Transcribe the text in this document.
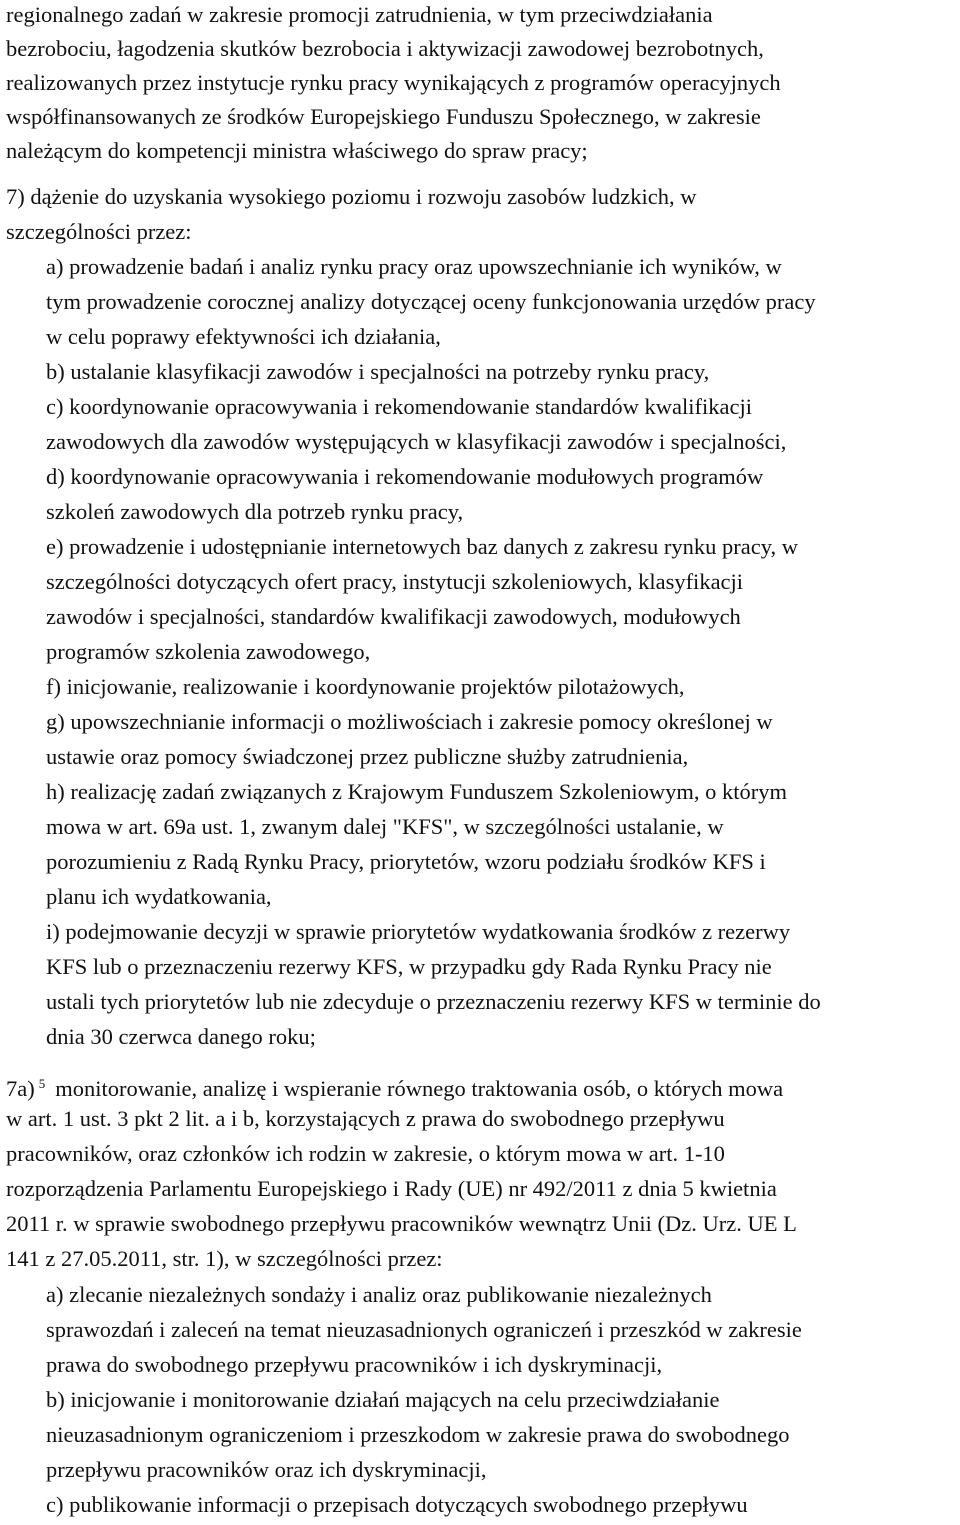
regionalnego zadań w zakresie promocji zatrudnienia, w tym przeciwdziałania
bezrobociu, łagodzenia skutków bezrobocia i aktywizacji zawodowej bezrobotnych,
realizowanych przez instytucje rynku pracy wynikających z programów operacyjnych
współfinansowanych ze środków Europejskiego Funduszu Społecznego, w zakresie
należącym do kompetencji ministra właściwego do spraw pracy;
7) dążenie do uzyskania wysokiego poziomu i rozwoju zasobów ludzkich, w
szczególności przez:
a) prowadzenie badań i analiz rynku pracy oraz upowszechnianie ich wyników, w
tym prowadzenie corocznej analizy dotyczącej oceny funkcjonowania urzędów pracy
w celu poprawy efektywności ich działania,
b) ustalanie klasyfikacji zawodów i specjalności na potrzeby rynku pracy,
c) koordynowanie opracowywania i rekomendowanie standardów kwalifikacji
zawodowych dla zawodów występujących w klasyfikacji zawodów i specjalności,
d) koordynowanie opracowywania i rekomendowanie modułowych programów
szkoleń zawodowych dla potrzeb rynku pracy,
e) prowadzenie i udostępnianie internetowych baz danych z zakresu rynku pracy, w
szczególności dotyczących ofert pracy, instytucji szkoleniowych, klasyfikacji
zawodów i specjalności, standardów kwalifikacji zawodowych, modułowych
programów szkolenia zawodowego,
f) inicjowanie, realizowanie i koordynowanie projektów pilotażowych,
g) upowszechnianie informacji o możliwościach i zakresie pomocy określonej w
ustawie oraz pomocy świadczonej przez publiczne służby zatrudnienia,
h) realizację zadań związanych z Krajowym Funduszem Szkoleniowym, o którym
mowa w art. 69a ust. 1, zwanym dalej "KFS", w szczególności ustalanie, w
porozumieniu z Radą Rynku Pracy, priorytetów, wzoru podziału środków KFS i
planu ich wydatkowania,
i) podejmowanie decyzji w sprawie priorytetów wydatkowania środków z rezerwy
KFS lub o przeznaczeniu rezerwy KFS, w przypadku gdy Rada Rynku Pracy nie
ustali tych priorytetów lub nie zdecyduje o przeznaczeniu rezerwy KFS w terminie do
dnia 30 czerwca danego roku;
7a) $^5$ monitorowanie, analizę i wspieranie równego traktowania osób, o których mowa
w art. 1 ust. 3 pkt 2 lit. a i b, korzystających z prawa do swobodnego przepływu
pracowników, oraz członków ich rodzin w zakresie, o którym mowa w art. 1-10
rozporządzenia Parlamentu Europejskiego i Rady (UE) nr 492/2011 z dnia 5 kwietnia
2011 r. w sprawie swobodnego przepływu pracowników wewnątrz Unii (Dz. Urz. UE L
141 z 27.05.2011, str. 1), w szczególności przez:
a) zlecanie niezależnych sondaży i analiz oraz publikowanie niezależnych
sprawozdań i zaleceń na temat nieuzasadnionych ograniczeń i przeszkód w zakresie
prawa do swobodnego przepływu pracowników i ich dyskryminacji,
b) inicjowanie i monitorowanie działań mających na celu przeciwdziałanie
nieuzasadnionym ograniczeniom i przeszkodom w zakresie prawa do swobodnego
przepływu pracowników oraz ich dyskryminacji,
c) publikowanie informacji o przepisach dotyczących swobodnego przepływu
